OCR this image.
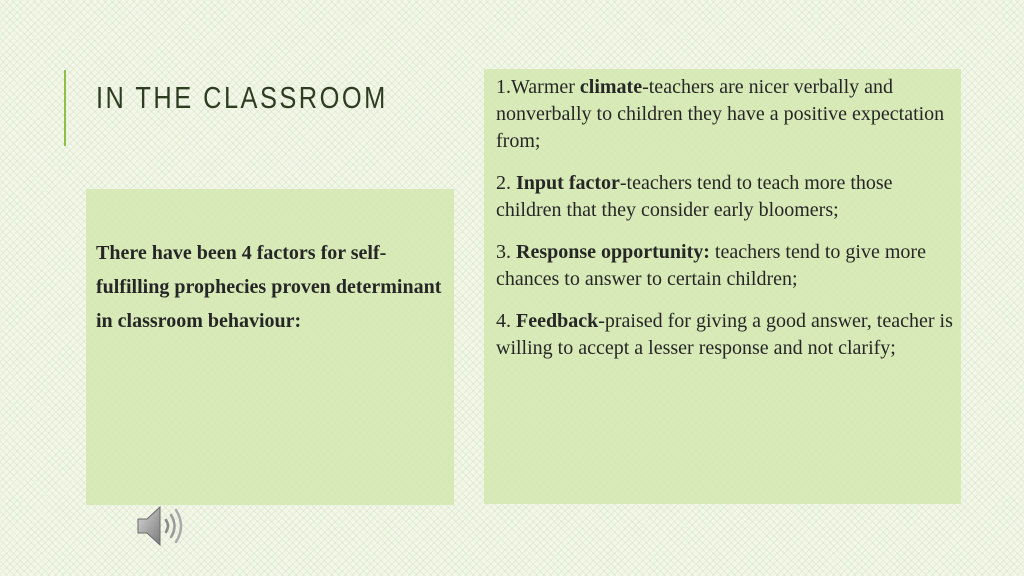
IN THE CLASSROOM
There have been 4 factors for self-fulfilling prophecies proven determinant in classroom behaviour:
1.Warmer climate-teachers are nicer verbally and nonverbally to children they have a positive expectation from;
2. Input factor-teachers tend to teach more those children that they consider early bloomers;
3. Response opportunity: teachers tend to give more chances to answer to certain children;
4. Feedback-praised for giving a good answer, teacher is willing to accept a lesser response and not clarify;
